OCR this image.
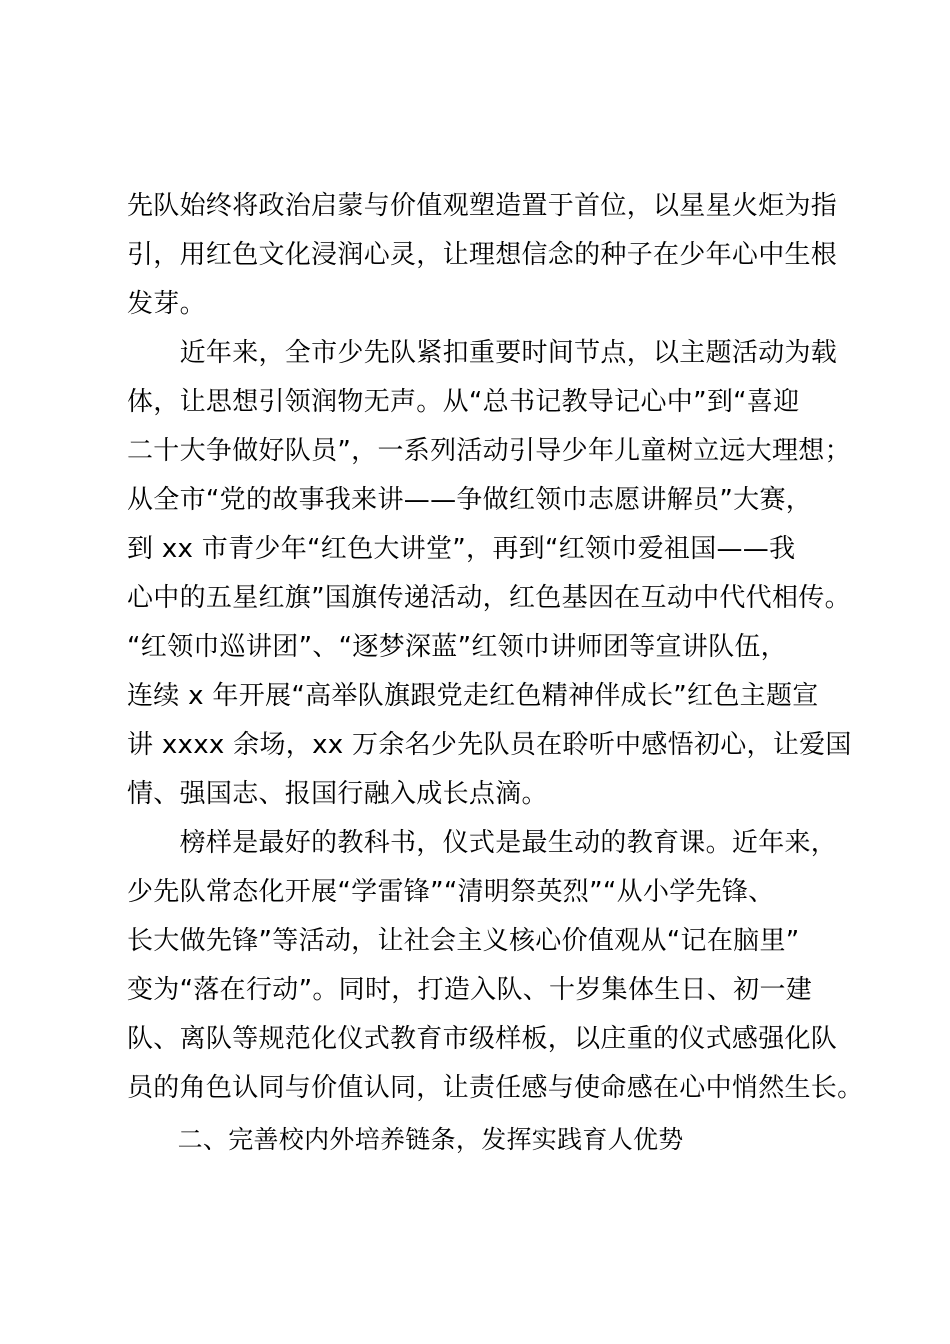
先队始终将政治启蒙与价值观塑造置于首位，以星星火炬为指
引，用红色文化浸润心灵，让理想信念的种子在少年心中生根
发芽。
　　近年来，全市少先队紧扣重要时间节点，以主题活动为载
体，让思想引领润物无声。从“总书记教导记心中”到“喜迎
二十大争做好队员”，一系列活动引导少年儿童树立远大理想；
从全市“党的故事我来讲——争做红领巾志愿讲解员”大赛，
到 xx 市青少年“红色大讲堂”，再到“红领巾爱祖国——我
心中的五星红旗”国旗传递活动，红色基因在互动中代代相传。
“红领巾巡讲团”、“逐梦深蓝”红领巾讲师团等宣讲队伍，
连续 x 年开展“高举队旗跟党走红色精神伴成长”红色主题宣
讲 xxxx 余场，xx 万余名少先队员在聆听中感悟初心，让爱国
情、强国志、报国行融入成长点滴。
　　榜样是最好的教科书，仪式是最生动的教育课。近年来，
少先队常态化开展“学雷锋”“清明祭英烈”“从小学先锋、
长大做先锋”等活动，让社会主义核心价值观从“记在脑里”
变为“落在行动”。同时，打造入队、十岁集体生日、初一建
队、离队等规范化仪式教育市级样板，以庄重的仪式感强化队
员的角色认同与价值认同，让责任感与使命感在心中悄然生长。
　　二、完善校内外培养链条，发挥实践育人优势
